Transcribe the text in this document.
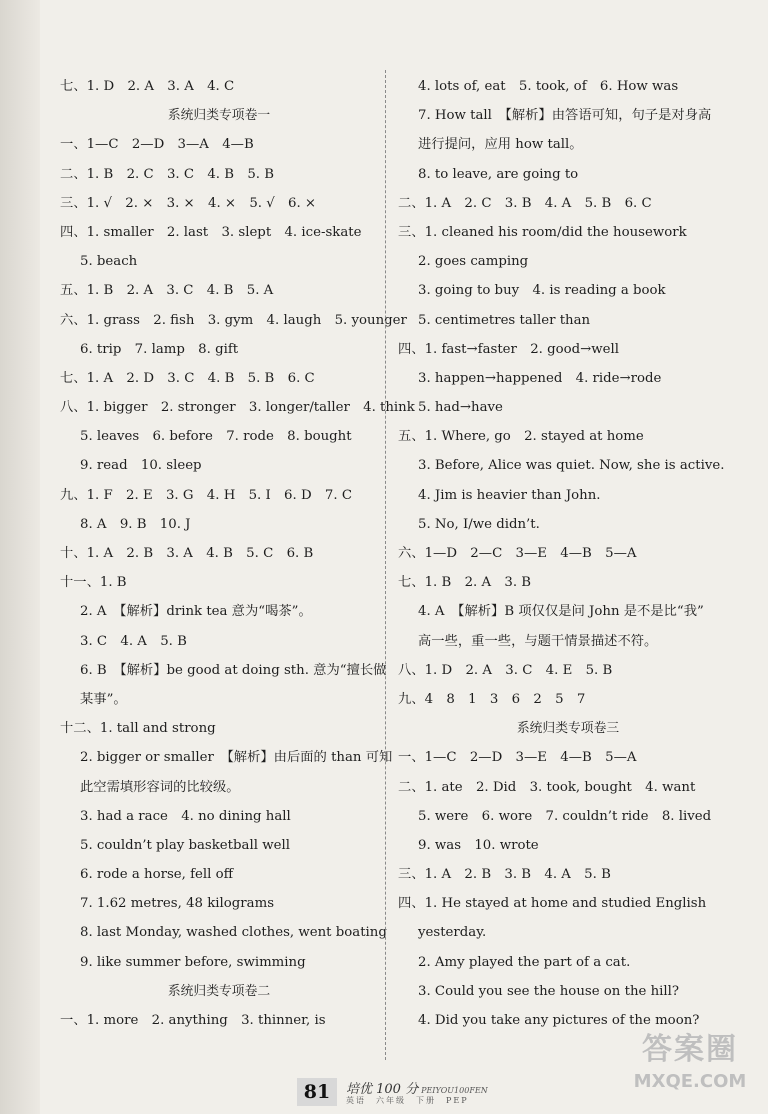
七、1. D　2. A　3. A　4. C
系统归类专项卷一
一、1—C　2—D　3—A　4—B
二、1. B　2. C　3. C　4. B　5. B
三、1. √　2. ×　3. ×　4. ×　5. √　6. ×
四、1. smaller　2. last　3. slept　4. ice-skate
5. beach
五、1. B　2. A　3. C　4. B　5. A
六、1. grass　2. fish　3. gym　4. laugh　5. younger
6. trip　7. lamp　8. gift
七、1. A　2. D　3. C　4. B　5. B　6. C
八、1. bigger　2. stronger　3. longer/taller　4. think
5. leaves　6. before　7. rode　8. bought
9. read　10. sleep
九、1. F　2. E　3. G　4. H　5. I　6. D　7. C
8. A　9. B　10. J
十、1. A　2. B　3. A　4. B　5. C　6. B
十一、1. B
2. A　【解析】drink tea 意为“喝茶”。
3. C　4. A　5. B
6. B　【解析】be good at doing sth. 意为“擅长做
某事”。
十二、1. tall and strong
2. bigger or smaller　【解析】由后面的 than 可知
此空需填形容词的比较级。
3. had a race　4. no dining hall
5. couldn’t play basketball well
6. rode a horse, fell off
7. 1.62 metres, 48 kilograms
8. last Monday, washed clothes, went boating
9. like summer before, swimming
系统归类专项卷二
一、1. more　2. anything　3. thinner, is
4. lots of, eat　5. took, of　6. How was
7. How tall　【解析】由答语可知，句子是对身高
进行提问，应用 how tall。
8. to leave, are going to
二、1. A　2. C　3. B　4. A　5. B　6. C
三、1. cleaned his room/did the housework
2. goes camping
3. going to buy　4. is reading a book
5. centimetres taller than
四、1. fast→faster　2. good→well
3. happen→happened　4. ride→rode
5. had→have
五、1. Where, go　2. stayed at home
3. Before, Alice was quiet. Now, she is active.
4. Jim is heavier than John.
5. No, I/we didn’t.
六、1—D　2—C　3—E　4—B　5—A
七、1. B　2. A　3. B
4. A　【解析】B 项仅仅是问 John 是不是比“我”
高一些，重一些，与题干情景描述不符。
八、1. D　2. A　3. C　4. E　5. B
九、4　8　1　3　6　2　5　7
系统归类专项卷三
一、1—C　2—D　3—E　4—B　5—A
二、1. ate　2. Did　3. took, bought　4. want
5. were　6. wore　7. couldn’t ride　8. lived
9. was　10. wrote
三、1. A　2. B　3. B　4. A　5. B
四、1. He stayed at home and studied English
yesterday.
2. Amy played the part of a cat.
3. Could you see the house on the hill?
4. Did you take any pictures of the moon?
81	培优 100 分 PEIYOU100FEN
英语　六年级　下册　PEP
答案圈
MXQE.COM
